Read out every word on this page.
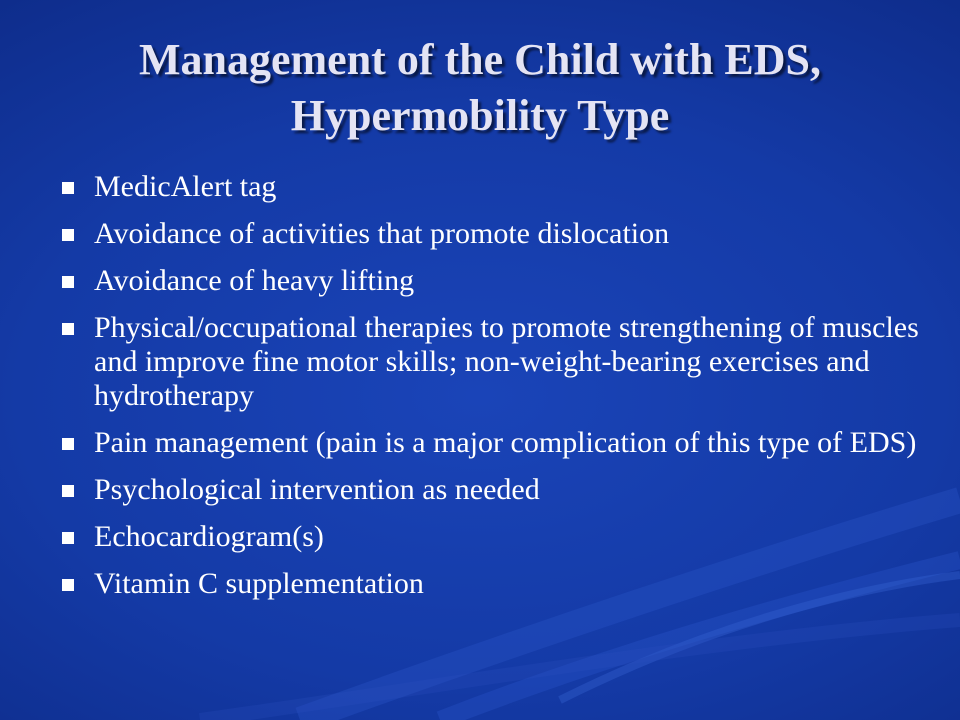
Management of the Child with EDS, Hypermobility Type
MedicAlert tag
Avoidance of activities that promote dislocation
Avoidance of heavy lifting
Physical/occupational therapies to promote strengthening of muscles and improve fine motor skills; non-weight-bearing exercises and hydrotherapy
Pain management (pain is a major complication of this type of EDS)
Psychological intervention as needed
Echocardiogram(s)
Vitamin C supplementation
